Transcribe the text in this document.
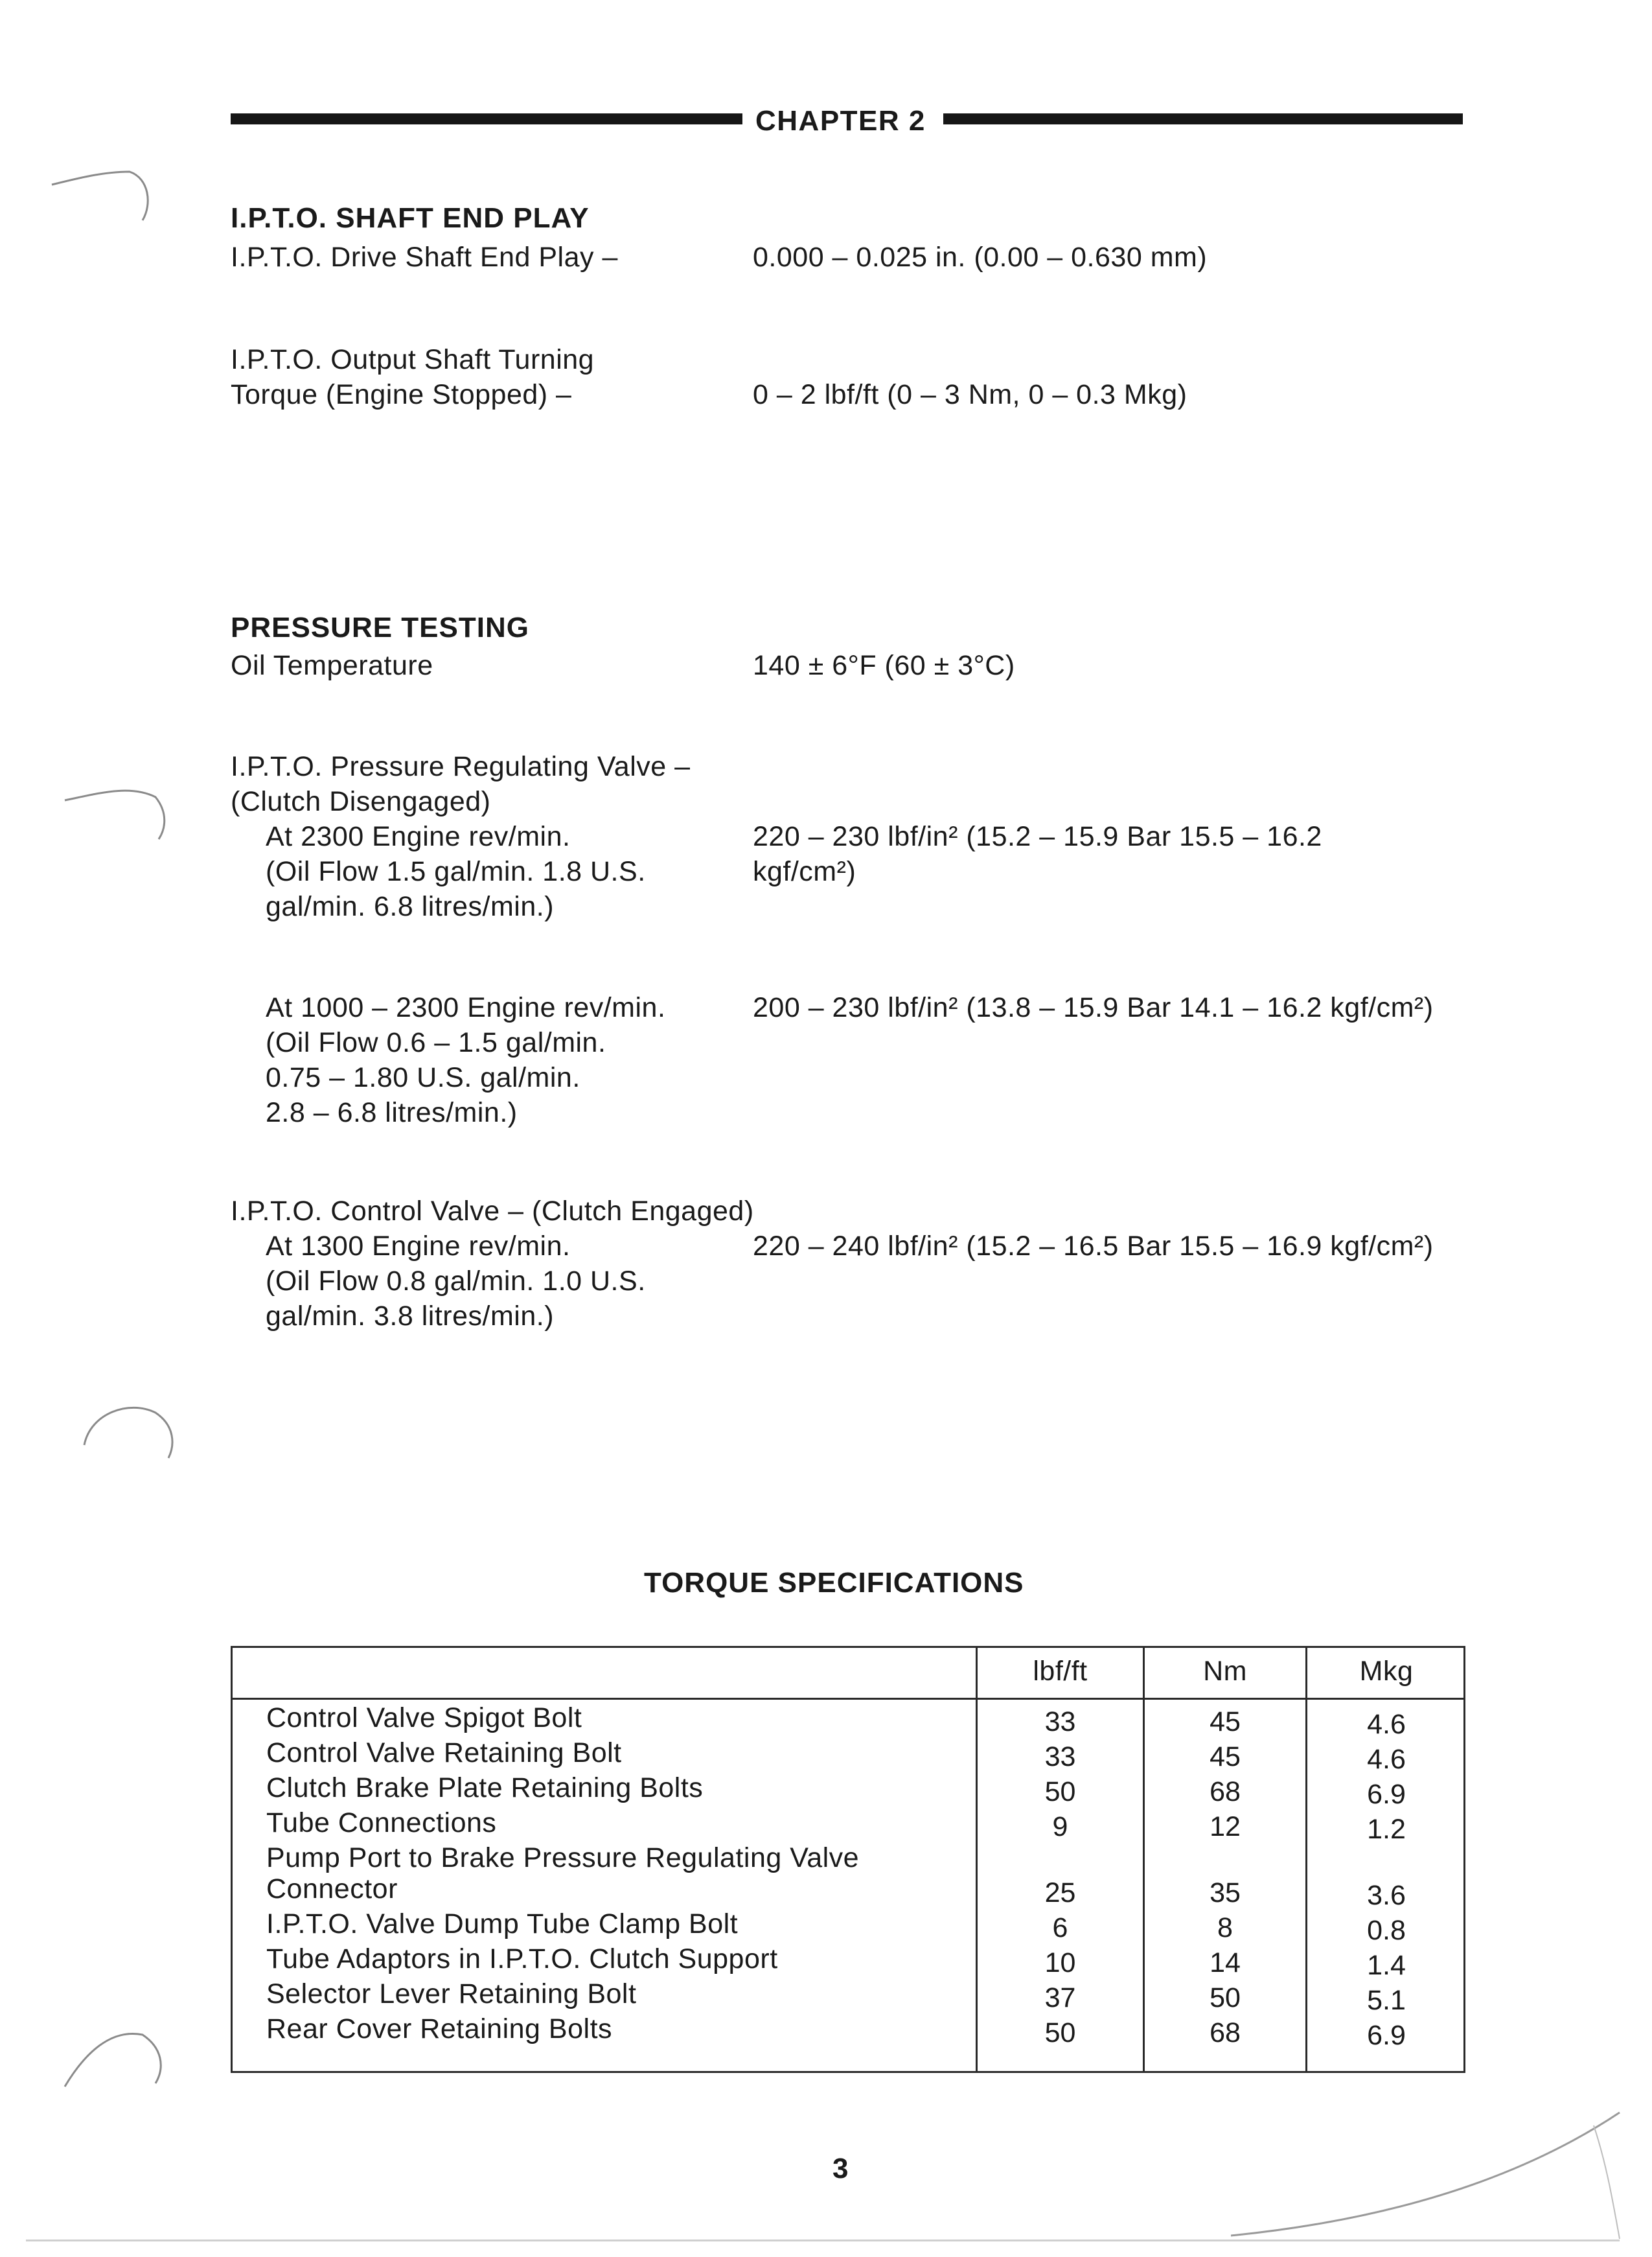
CHAPTER 2
I.P.T.O. SHAFT END PLAY
I.P.T.O. Drive Shaft End Play –	0.000 – 0.025 in. (0.00 – 0.630 mm)
I.P.T.O. Output Shaft Turning
Torque (Engine Stopped) –	0 – 2 lbf/ft (0 – 3 Nm, 0 – 0.3 Mkg)
PRESSURE TESTING
Oil Temperature	140 ± 6°F (60 ± 3°C)
I.P.T.O. Pressure Regulating Valve –
(Clutch Disengaged)
At 2300 Engine rev/min.
(Oil Flow 1.5 gal/min. 1.8 U.S.
gal/min. 6.8 litres/min.)
220 – 230 lbf/in² (15.2 – 15.9 Bar 15.5 – 16.2
kgf/cm²)
At 1000 – 2300 Engine rev/min.
(Oil Flow 0.6 – 1.5 gal/min.
0.75 – 1.80 U.S. gal/min.
2.8 – 6.8 litres/min.)
200 – 230 lbf/in² (13.8 – 15.9 Bar 14.1 – 16.2 kgf/cm²)
I.P.T.O. Control Valve – (Clutch Engaged)
At 1300 Engine rev/min.
(Oil Flow 0.8 gal/min. 1.0 U.S.
gal/min. 3.8 litres/min.)
220 – 240 lbf/in² (15.2 – 16.5 Bar 15.5 – 16.9 kgf/cm²)
TORQUE SPECIFICATIONS
lbf/ft	Nm	Mkg
Control Valve Spigot Bolt	33	45	4.6
Control Valve Retaining Bolt	33	45	4.6
Clutch Brake Plate Retaining Bolts	50	68	6.9
Tube Connections	9	12	1.2
Pump Port to Brake Pressure Regulating Valve
Connector	25	35	3.6
I.P.T.O. Valve Dump Tube Clamp Bolt	6	8	0.8
Tube Adaptors in I.P.T.O. Clutch Support	10	14	1.4
Selector Lever Retaining Bolt	37	50	5.1
Rear Cover Retaining Bolts	50	68	6.9
3
